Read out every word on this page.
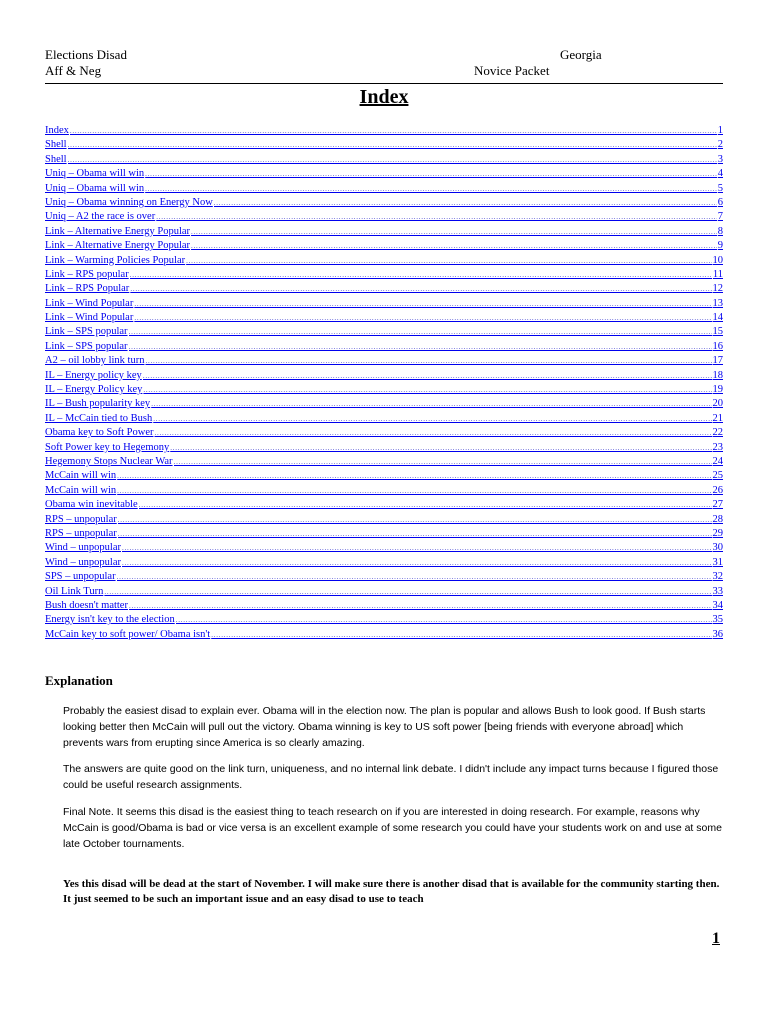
Elections Disad
Aff & Neg
Georgia
Novice Packet
Index
Index . . .	1
Shell . . .	2
Shell . . .	3
Uniq – Obama will win . . .	4
Uniq – Obama will win . . .	5
Uniq – Obama winning on Energy Now . . .	6
Uniq – A2 the race is over . . .	7
Link – Alternative Energy Popular . . .	8
Link – Alternative Energy Popular . . .	9
Link – Warming Policies Popular . . .	10
Link – RPS popular . . .	11
Link – RPS Popular . . .	12
Link – Wind Popular . . .	13
Link – Wind Popular . . .	14
Link – SPS popular . . .	15
Link – SPS popular . . .	16
A2 – oil lobby link turn . . .	17
IL – Energy policy key . . .	18
IL – Energy Policy key . . .	19
IL – Bush popularity key . . .	20
IL – McCain tied to Bush . . .	21
Obama key to Soft Power . . .	22
Soft Power key to Hegemony . . .	23
Hegemony Stops Nuclear War . . .	24
McCain will win . . .	25
McCain will win . . .	26
Obama win inevitable . . .	27
RPS – unpopular . . .	28
RPS – unpopular . . .	29
Wind – unpopular . . .	30
Wind – unpopular . . .	31
SPS – unpopular . . .	32
Oil Link Turn . . .	33
Bush doesn't matter . . .	34
Energy isn't key to the election . . .	35
McCain key to soft power/ Obama isn't . . .	36
Explanation
Probably the easiest disad to explain ever. Obama will in the election now. The plan is popular and allows Bush to look good. If Bush starts looking better then McCain will pull out the victory. Obama winning is key to US soft power [being friends with everyone abroad] which prevents wars from erupting since America is so clearly amazing.
The answers are quite good on the link turn, uniqueness, and no internal link debate. I didn't include any impact turns because I figured those could be useful research assignments.
Final Note. It seems this disad is the easiest thing to teach research on if you are interested in doing research. For example, reasons why McCain is good/Obama is bad or vice versa is an excellent example of some research you could have your students work on and use at some late October tournaments.
Yes this disad will be dead at the start of November. I will make sure there is another disad that is available for the community starting then. It just seemed to be such an important issue and an easy disad to use to teach
1
